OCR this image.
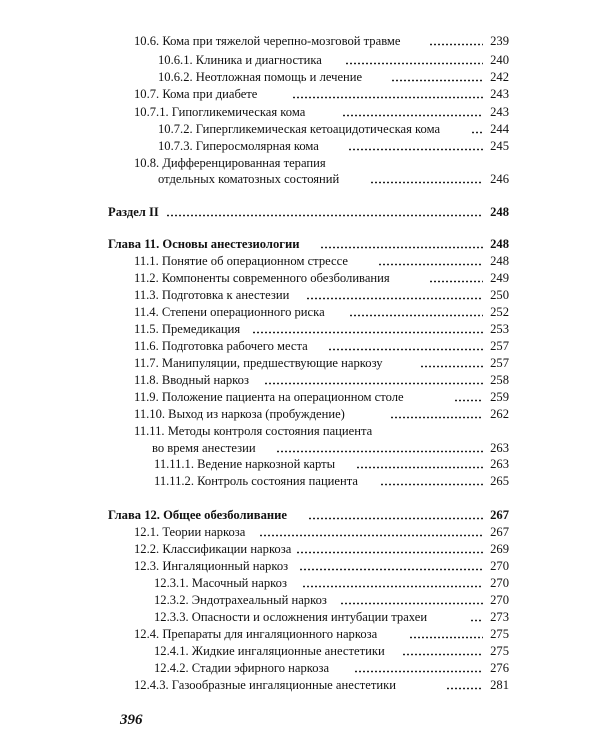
10.6. Кома при тяжелой черепно-мозговой травме	239
10.6.1. Клиника и диагностика	240
10.6.2. Неотложная помощь и лечение	242
10.7. Кома при диабете	243
10.7.1. Гипогликемическая кома	243
10.7.2. Гипергликемическая кетоацидотическая кома	244
10.7.3. Гиперосмолярная кома	245
10.8. Дифференцированная терапия
отдельных коматозных состояний	246
Раздел II	248
Глава 11. Основы анестезиологии	248
11.1. Понятие об операционном стрессе	248
11.2. Компоненты современного обезболивания	249
11.3. Подготовка к анестезии	250
11.4. Степени операционного риска	252
11.5. Премедикация	253
11.6. Подготовка рабочего места	257
11.7. Манипуляции, предшествующие наркозу	257
11.8. Вводный наркоз	258
11.9. Положение пациента на операционном столе	259
11.10. Выход из наркоза (пробуждение)	262
11.11. Методы контроля состояния пациента
во время анестезии	263
11.11.1. Ведение наркозной карты	263
11.11.2. Контроль состояния пациента	265
Глава 12. Общее обезболивание	267
12.1. Теории наркоза	267
12.2. Классификации наркоза	269
12.3. Ингаляционный наркоз	270
12.3.1. Масочный наркоз	270
12.3.2. Эндотрахеальный наркоз	270
12.3.3. Опасности и осложнения интубации трахеи	273
12.4. Препараты для ингаляционного наркоза	275
12.4.1. Жидкие ингаляционные анестетики	275
12.4.2. Стадии эфирного наркоза	276
12.4.3. Газообразные ингаляционные анестетики	281
396
